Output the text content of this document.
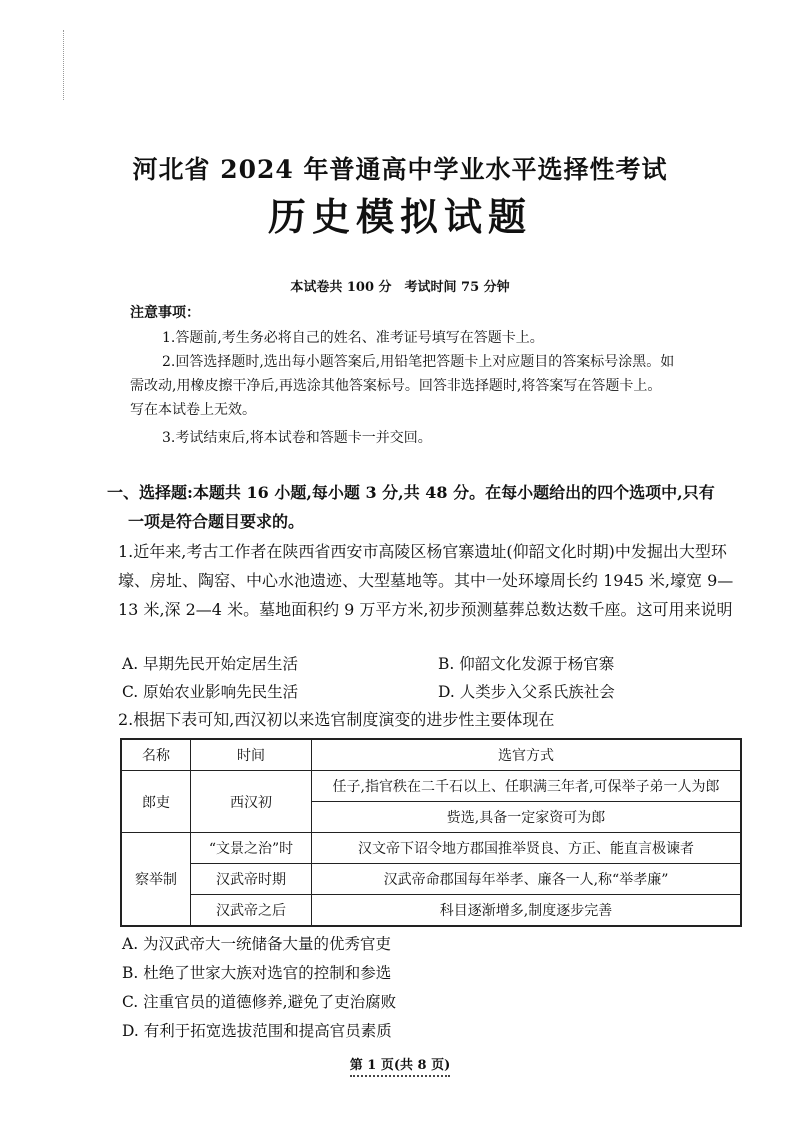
河北省 2024 年普通高中学业水平选择性考试
历史模拟试题
本试卷共 100 分　考试时间 75 分钟
注意事项：
1.答题前,考生务必将自己的姓名、准考证号填写在答题卡上。
2.回答选择题时,选出每小题答案后,用铅笔把答题卡上对应题目的答案标号涂黑。如需改动,用橡皮擦干净后,再选涂其他答案标号。回答非选择题时,将答案写在答题卡上。写在本试卷上无效。
3.考试结束后,将本试卷和答题卡一并交回。
一、选择题:本题共 16 小题,每小题 3 分,共 48 分。在每小题给出的四个选项中,只有
一项是符合题目要求的。
1.近年来,考古工作者在陕西省西安市高陵区杨官寨遗址(仰韶文化时期)中发掘出大型环壕、房址、陶窑、中心水池遗迹、大型墓地等。其中一处环壕周长约 1945 米,壕宽 9—13 米,深 2—4 米。墓地面积约 9 万平方米,初步预测墓葬总数达数千座。这可用来说明
A. 早期先民开始定居生活	B. 仰韶文化发源于杨官寨
C. 原始农业影响先民生活	D. 人类步入父系氏族社会
2.根据下表可知,西汉初以来选官制度演变的进步性主要体现在
名称	时间	选官方式
郎吏	西汉初	任子,指官秩在二千石以上、任职满三年者,可保举子弟一人为郎
		赀选,具备一定家资可为郎
察举制	“文景之治”时	汉文帝下诏令地方郡国推举贤良、方正、能直言极谏者
	汉武帝时期	汉武帝命郡国每年举孝、廉各一人,称“举孝廉”
	汉武帝之后	科目逐渐增多,制度逐步完善
A. 为汉武帝大一统储备大量的优秀官吏
B. 杜绝了世家大族对选官的控制和参选
C. 注重官员的道德修养,避免了吏治腐败
D. 有利于拓宽选拔范围和提高官员素质
第 1 页(共 8 页)
